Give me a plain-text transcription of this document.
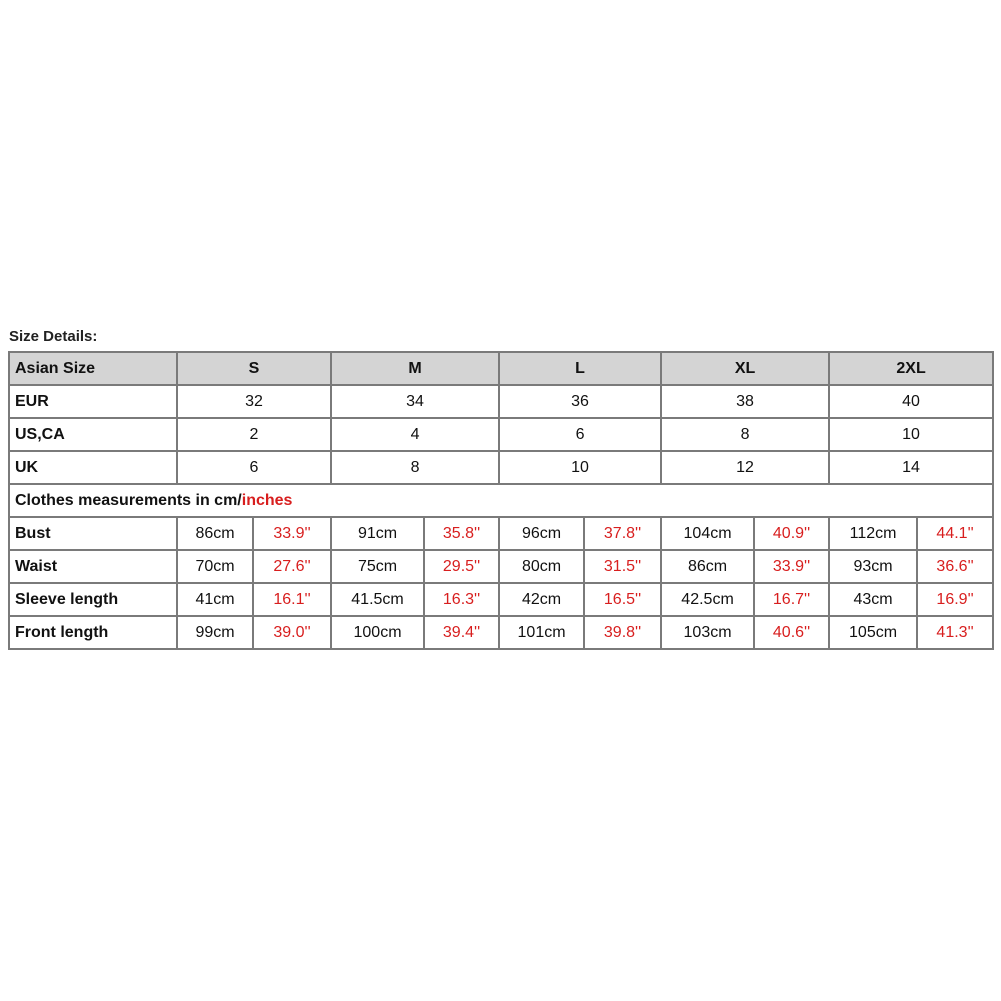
Size Details:
Asian Size	S		M		L		XL		2XL	
EUR	32		34		36		38		40	
US,CA	2		4		6		8		10	
UK	6		8		10		12		14	
Clothes measurements in cm/inches										
Bust	86cm	33.9''	91cm	35.8''	96cm	37.8''	104cm	40.9''	112cm	44.1''
Waist	70cm	27.6''	75cm	29.5''	80cm	31.5''	86cm	33.9''	93cm	36.6''
Sleeve length	41cm	16.1''	41.5cm	16.3''	42cm	16.5''	42.5cm	16.7''	43cm	16.9''
Front length	99cm	39.0''	100cm	39.4''	101cm	39.8''	103cm	40.6''	105cm	41.3''
